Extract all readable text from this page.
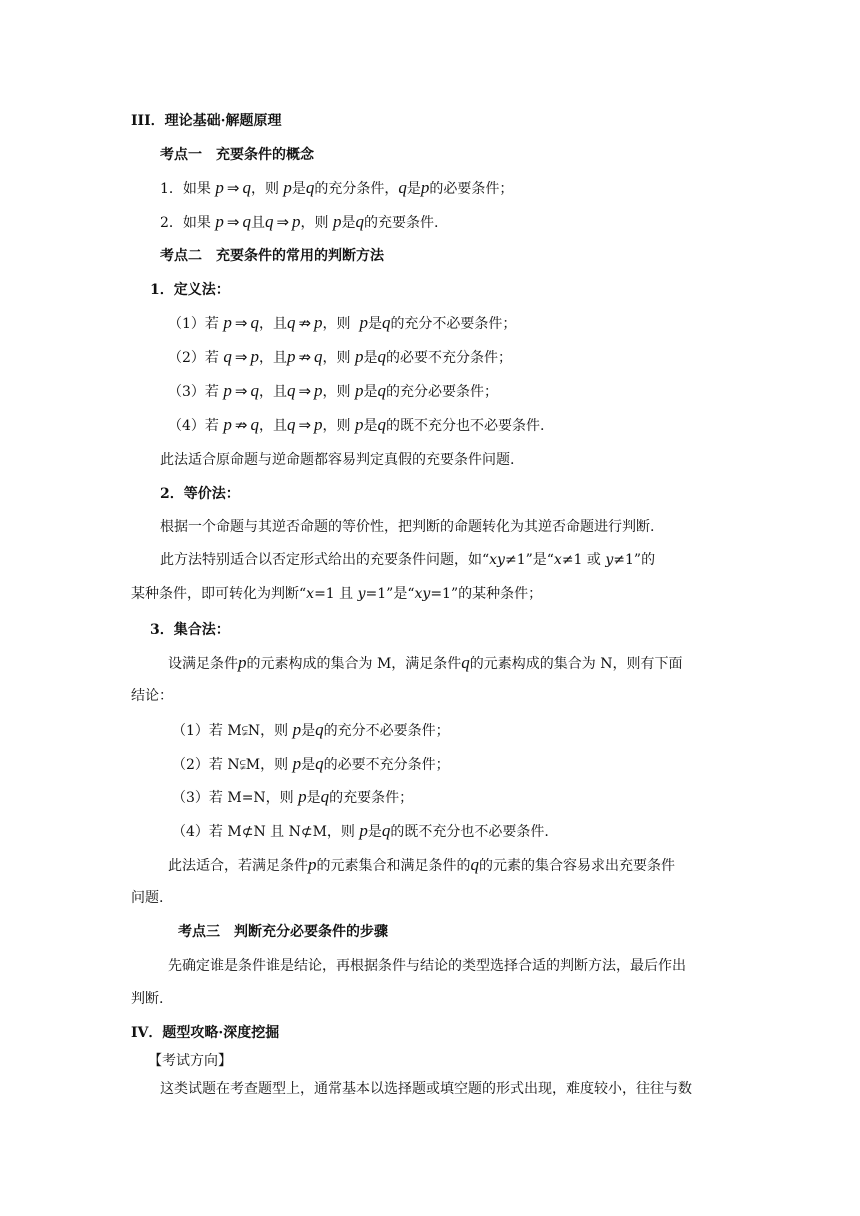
III．理论基础·解题原理
考点一　充要条件的概念
1．如果 p ⇒ q，则 p是q的充分条件，q是p的必要条件；
2．如果 p ⇒ q且q ⇒ p，则 p是q的充要条件.
考点二　充要条件的常用的判断方法
1．定义法：
（1）若 p ⇒ q，且q ⇏ p，则 p是q的充分不必要条件；
（2）若 q ⇒ p，且p ⇏ q，则 p是q的必要不充分条件；
（3）若 p ⇒ q，且q ⇒ p，则 p是q的充分必要条件；
（4）若 p ⇏ q，且q ⇒ p，则 p是q的既不充分也不必要条件.
此法适合原命题与逆命题都容易判定真假的充要条件问题.
2．等价法：
根据一个命题与其逆否命题的等价性，把判断的命题转化为其逆否命题进行判断.
此方法特别适合以否定形式给出的充要条件问题，如“xy≠1”是“x≠1 或 y≠1”的
某种条件，即可转化为判断“x=1 且 y=1”是“xy=1”的某种条件；
3．集合法：
设满足条件p的元素构成的集合为 M，满足条件q的元素构成的集合为 N，则有下面
结论：
（1）若 M⫋N，则 p是q的充分不必要条件；
（2）若 N⫋M，则 p是q的必要不充分条件；
（3）若 M=N，则 p是q的充要条件；
（4）若 M⊄N 且 N⊄M，则 p是q的既不充分也不必要条件.
此法适合，若满足条件p的元素集合和满足条件的q的元素的集合容易求出充要条件
问题.
考点三　判断充分必要条件的步骤
先确定谁是条件谁是结论，再根据条件与结论的类型选择合适的判断方法，最后作出
判断.
IV．题型攻略·深度挖掘
【考试方向】
这类试题在考查题型上，通常基本以选择题或填空题的形式出现，难度较小，往往与数
